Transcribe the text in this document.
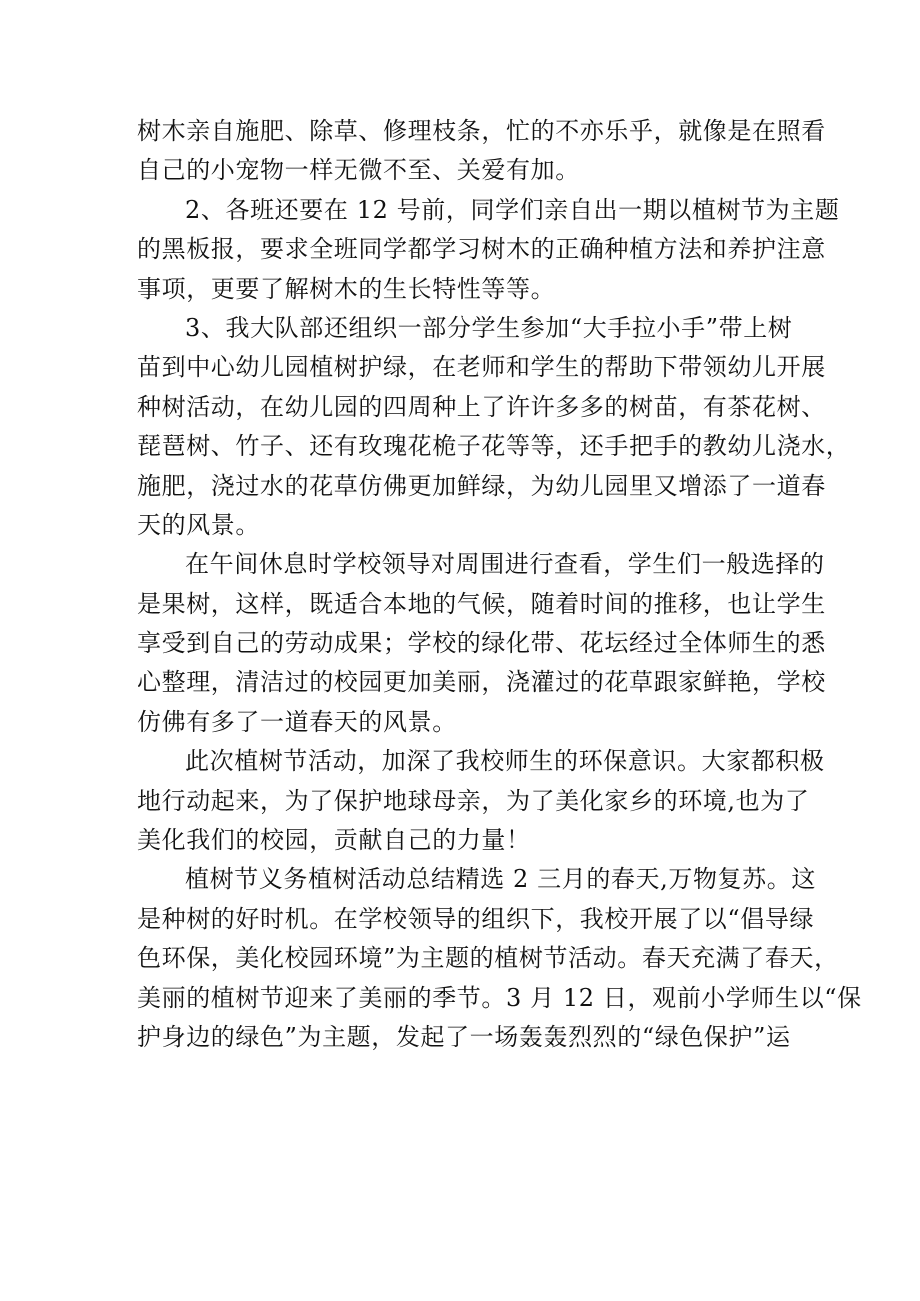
树木亲自施肥、除草、修理枝条，忙的不亦乐乎，就像是在照看
自己的小宠物一样无微不至、关爱有加。
2、各班还要在 12 号前，同学们亲自出一期以植树节为主题
的黑板报，要求全班同学都学习树木的正确种植方法和养护注意
事项，更要了解树木的生长特性等等。
3、我大队部还组织一部分学生参加“大手拉小手”带上树
苗到中心幼儿园植树护绿，在老师和学生的帮助下带领幼儿开展
种树活动，在幼儿园的四周种上了许许多多的树苗，有茶花树、
琵琶树、竹子、还有玫瑰花桅子花等等，还手把手的教幼儿浇水，
施肥，浇过水的花草仿佛更加鲜绿，为幼儿园里又增添了一道春
天的风景。
在午间休息时学校领导对周围进行查看，学生们一般选择的
是果树，这样，既适合本地的气候，随着时间的推移，也让学生
享受到自己的劳动成果；学校的绿化带、花坛经过全体师生的悉
心整理，清洁过的校园更加美丽，浇灌过的花草跟家鲜艳，学校
仿佛有多了一道春天的风景。
此次植树节活动，加深了我校师生的环保意识。大家都积极
地行动起来，为了保护地球母亲，为了美化家乡的环境,也为了
美化我们的校园，贡献自己的力量！
植树节义务植树活动总结精选 2 三月的春天,万物复苏。这
是种树的好时机。在学校领导的组织下，我校开展了以“倡导绿
色环保，美化校园环境”为主题的植树节活动。春天充满了春天，
美丽的植树节迎来了美丽的季节。3 月 12 日，观前小学师生以“保
护身边的绿色”为主题，发起了一场轰轰烈烈的“绿色保护”运
